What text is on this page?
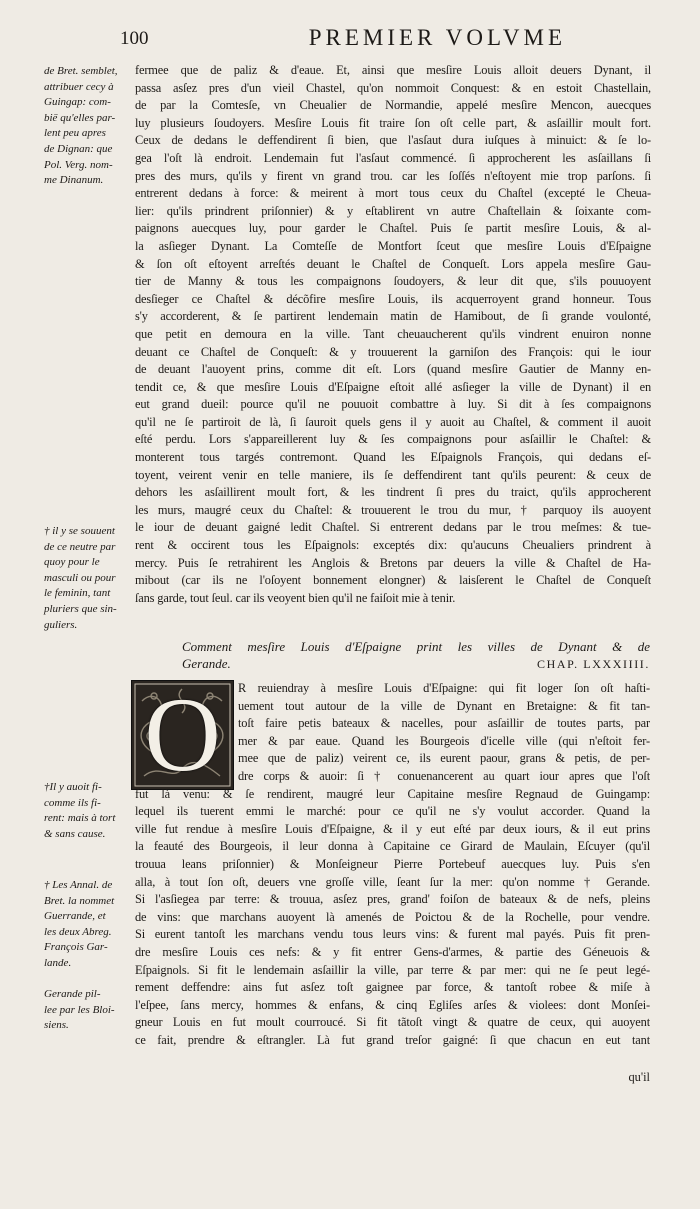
100	PREMIER VOLVME
de Bret. semblet,
attribuer cecy à
Guingap: com-
bië qu'elles par-
lent peu apres
de Dignan: que
Pol. Verg. nom-
me Dinanum.
† il y se souuent
de ce neutre par
quoy pour le
masculi ou pour
le feminin, tant
pluriers que sin-
guliers.
†Il y auoit fi-
comme ils fi-
rent: mais à tort
& sans cause.
† Les Annal. de
Bret. la nommet
Guerrande, et
les deux Abreg.
François Gar-
lande.
Gerande pil-
lee par les Bloi-
siens.
fermee que de paliz & d'eaue. Et, ainsi que mesſire Louis alloit deuers Dynant, il
passa asſez pres d'un vieil Chastel, qu'on nommoit Conquest: & en estoit Chastellain,
de par la Comtesſe, vn Cheualier de Normandie, appelé mesſire Mencon, auecques
luy plusieurs ſoudoyers. Mesſire Louis fit traire ſon oſt celle part, & asſaillir moult fort.
Ceux de dedans le deffendirent ſi bien, que l'asſaut dura iuſques à minuict: & ſe lo-
gea l'oſt là endroit. Lendemain fut l'asſaut commencé. ſi approcherent les asſaillans ſi
pres des murs, qu'ils y firent vn grand trou. car les ſoſſés n'eſtoyent mie trop parſons. ſi
entrerent dedans à force: & meirent à mort tous ceux du Chaſtel (excepté le Cheua-
lier: qu'ils prindrent priſonnier) & y eſtablirent vn autre Chaſtellain & ſoixante com-
paignons auecques luy, pour garder le Chaſtel. Puis ſe partit mesſire Louis, & al-
la asſieger Dynant. La Comteſſe de Montfort ſceut que mesſire Louis d'Eſpaigne
& ſon oſt eſtoyent arreſtés deuant le Chaſtel de Conqueſt. Lors appela mesſire Gau-
tier de Manny & tous les compaignons ſoudoyers, & leur dit que, s'ils pouuoyent
desſieger ce Chaſtel & décõfire mesſire Louis, ils acquerroyent grand honneur. Tous
s'y accorderent, & ſe partirent lendemain matin de Hamibout, de ſi grande voulonté,
que petit en demoura en la ville. Tant cheuaucherent qu'ils vindrent enuiron nonne
deuant ce Chaſtel de Conqueſt: & y trouuerent la garniſon des François: qui le iour
de deuant l'auoyent prins, comme dit eſt. Lors (quand mesſire Gautier de Manny en-
tendit ce, & que mesſire Louis d'Eſpaigne eſtoit allé asſieger la ville de Dynant) il en
eut grand dueil: pource qu'il ne pouuoit combattre à luy. Si dit à ſes compaignons
qu'il ne ſe partiroit de là, ſi ſauroit quels gens il y auoit au Chaſtel, & comment il auoit
eſté perdu. Lors s'appareillerent luy & ſes compaignons pour asſaillir le Chaſtel: &
monterent tous targés contremont. Quand les Eſpaignols François, qui dedans eſ-
toyent, veirent venir en telle maniere, ils ſe deffendirent tant qu'ils peurent: & ceux de
dehors les asſaillirent moult fort, & les tindrent ſi pres du traict, qu'ils approcherent
les murs, maugré ceux du Chaſtel: & trouuerent le trou du mur, † parquoy ils auoyent
le iour de deuant gaigné ledit Chaſtel. Si entrerent dedans par le trou meſmes: & tue-
rent & occirent tous les Eſpaignols: exceptés dix: qu'aucuns Cheualiers prindrent à
mercy. Puis ſe retrahirent les Anglois & Bretons par deuers la ville & Chaſtel de Ha-
mibout (car ils ne l'oſoyent bonnement elongner) & laisſerent le Chaſtel de Conqueſt
ſans garde, tout ſeul. car ils veoyent bien qu'il ne faiſoit mie à tenir.
Comment mesſire Louis d'Eſpaigne print les villes de Dynant & de
Gerande.	CHAP. LXXXIIII.
O	R reuiendray à mesſire Louis d'Eſpaigne: qui fit loger ſon oſt haſti-
uement tout autour de la ville de Dynant en Bretaigne: & fit tan-
toſt faire petis bateaux & nacelles, pour asſaillir de toutes parts, par
mer & par eaue. Quand les Bourgeois d'icelle ville (qui n'eſtoit fer-
mee que de paliz) veirent ce, ils eurent paour, grans & petis, de per-
dre corps & auoir: ſi † conuenancerent au quart iour apres que l'oſt
fut là venu: & ſe rendirent, maugré leur Capitaine mesſire Regnaud de Guingamp:
lequel ils tuerent emmi le marché: pour ce qu'il ne s'y voulut accorder. Quand la
ville fut rendue à mesſire Louis d'Eſpaigne, & il y eut eſté par deux iours, & il eut prins
la feauté des Bourgeois, il leur donna à Capitaine ce Girard de Maulain, Eſcuyer (qu'il
trouua leans priſonnier) & Monſeigneur Pierre Portebeuf auecques luy. Puis s'en
alla, à tout ſon oſt, deuers vne groſſe ville, ſeant ſur la mer: qu'on nomme † Gerande.
Si l'asſiegea par terre: & trouua, asſez pres, grand' foiſon de bateaux & de nefs, pleins
de vins: que marchans auoyent là amenés de Poictou & de la Rochelle, pour vendre.
Si eurent tantoſt les marchans vendu tous leurs vins: & furent mal payés. Puis fit pren-
dre mesſire Louis ces nefs: & y fit entrer Gens-d'armes, & partie des Géneuois &
Eſpaignols. Si fit le lendemain asſaillir la ville, par terre & par mer: qui ne ſe peut legé-
rement deffendre: ains fut asſez toſt gaignee par force, & tantoſt robee & miſe à
l'eſpee, ſans mercy, hommes & enfans, & cinq Egliſes arſes & violees: dont Monſei-
gneur Louis en fut moult courroucé. Si fit tãtoſt vingt & quatre de ceux, qui auoyent
ce fait, prendre & eſtrangler. Là fut grand treſor gaigné: ſi que chacun en eut tant
qu'il
